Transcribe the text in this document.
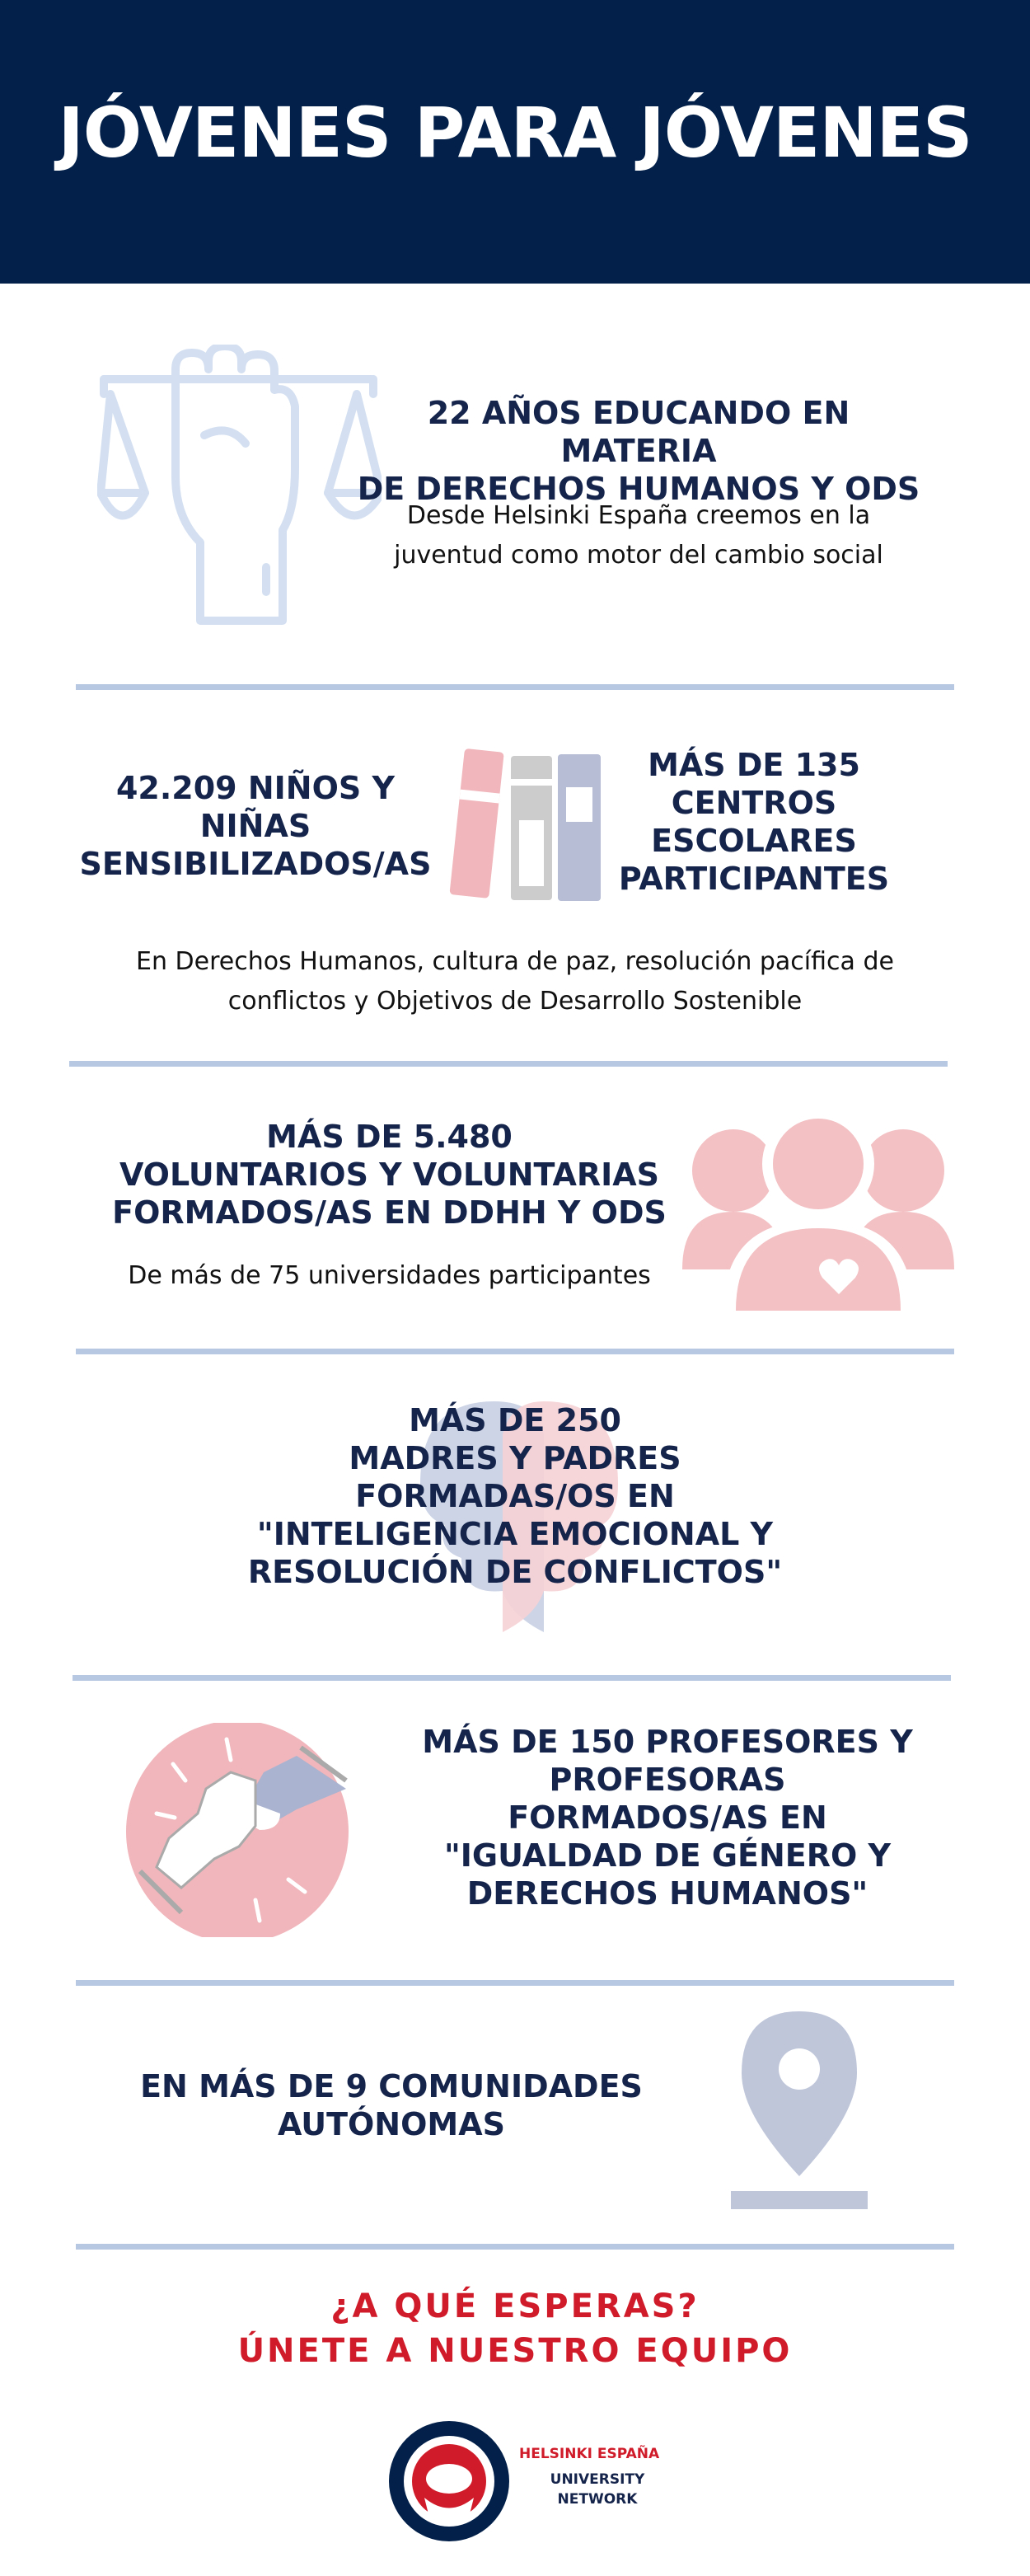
JÓVENES PARA JÓVENES
22 AÑOS EDUCANDO EN MATERIA
DE DERECHOS HUMANOS Y ODS
Desde Helsinki España creemos en la
juventud como motor del cambio social
42.209 NIÑOS Y
NIÑAS
SENSIBILIZADOS/AS
MÁS DE 135
CENTROS
ESCOLARES
PARTICIPANTES
En Derechos Humanos, cultura de paz, resolución pacífica de
conflictos y Objetivos de Desarrollo Sostenible
MÁS DE 5.480
VOLUNTARIOS Y VOLUNTARIAS
FORMADOS/AS EN DDHH Y ODS
De más de 75 universidades participantes
MÁS DE 250
MADRES Y PADRES
FORMADAS/OS EN
"INTELIGENCIA EMOCIONAL Y
RESOLUCIÓN DE CONFLICTOS"
MÁS DE 150 PROFESORES Y
PROFESORAS
FORMADOS/AS EN
"IGUALDAD DE GÉNERO Y
DERECHOS HUMANOS"
EN MÁS DE 9 COMUNIDADES
AUTÓNOMAS
¿A QUÉ ESPERAS?
ÚNETE A NUESTRO EQUIPO
HELSINKI ESPAÑA
UNIVERSITY
NETWORK
